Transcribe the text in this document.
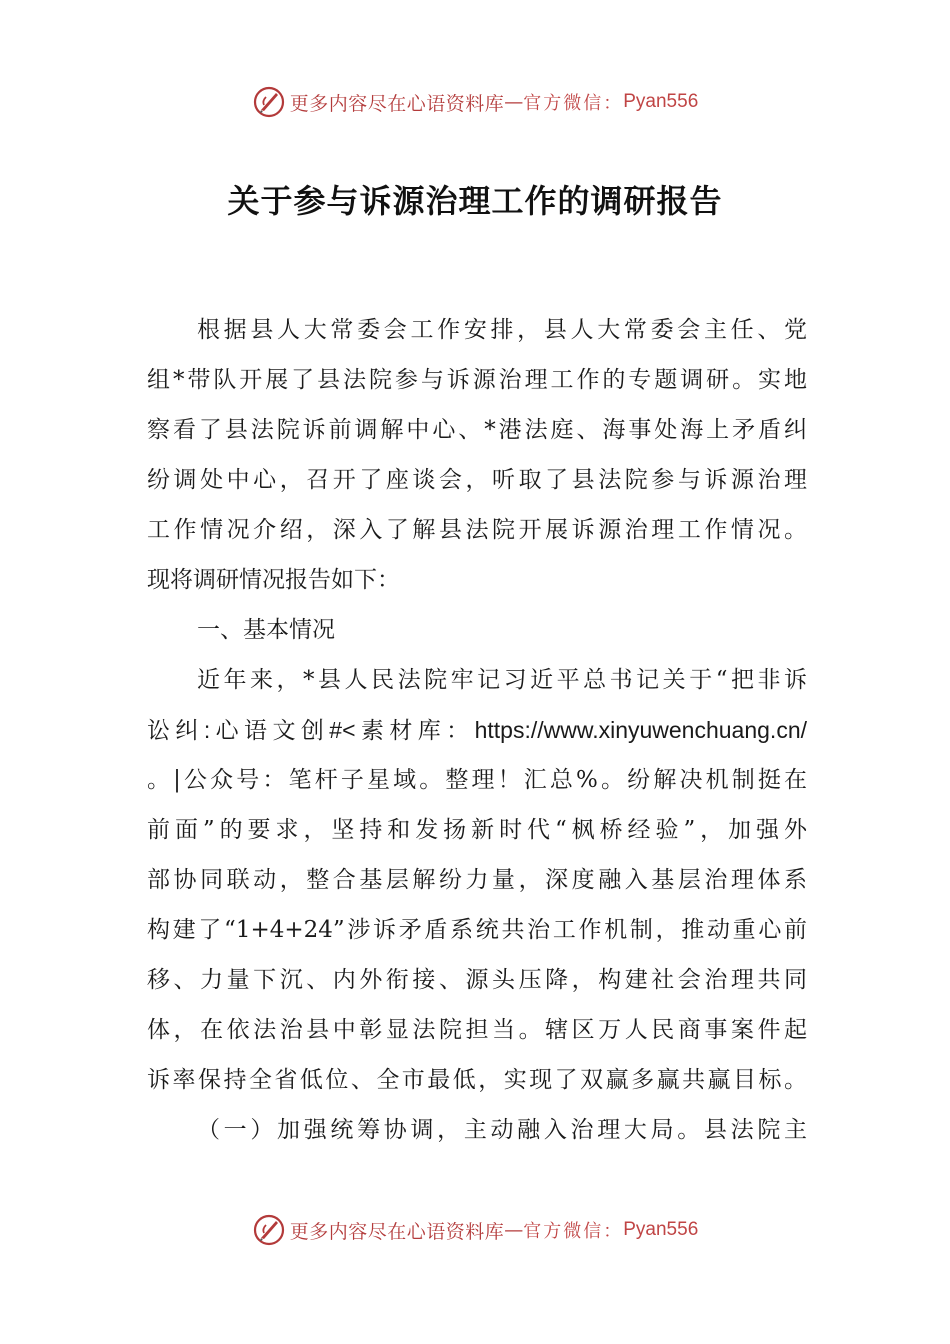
更多内容尽在心语资料库 — 官方微信： Pyan556
关于参与诉源治理工作的调研报告
根据县人大常委会工作安排，县人大常委会主任、党
组*带队开展了县法院参与诉源治理工作的专题调研。实地
察看了县法院诉前调解中心、*港法庭、海事处海上矛盾纠
纷调处中心，召开了座谈会，听取了县法院参与诉源治理
工作情况介绍，深入了解县法院开展诉源治理工作情况。
现将调研情况报告如下：
一、基本情况
近年来，*县人民法院牢记习近平总书记关于“把非诉
讼纠:心语文创#<素材库：https://www.xinyuwenchuang.cn/
。|公众号：笔杆子星域。整理！汇总%。纷解决机制挺在
前面”的要求，坚持和发扬新时代“枫桥经验”，加强外
部协同联动，整合基层解纷力量，深度融入基层治理体系
构建了“1+4+24”涉诉矛盾系统共治工作机制，推动重心前
移、力量下沉、内外衔接、源头压降，构建社会治理共同
体，在依法治县中彰显法院担当。辖区万人民商事案件起
诉率保持全省低位、全市最低，实现了双赢多赢共赢目标。
（一）加强统筹协调，主动融入治理大局。县法院主
更多内容尽在心语资料库 — 官方微信： Pyan556
